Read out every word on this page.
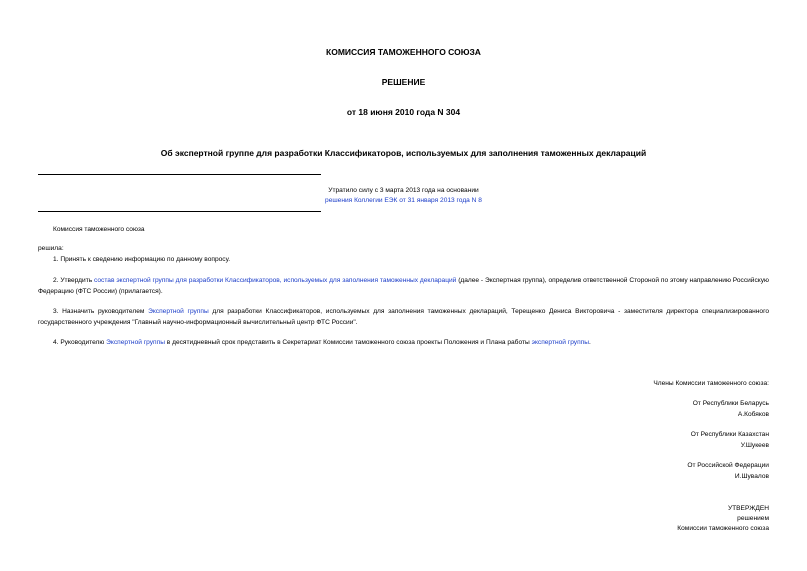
КОМИССИЯ ТАМОЖЕННОГО СОЮЗА
РЕШЕНИЕ
от 18 июня 2010 года N 304
Об экспертной группе для разработки Классификаторов, используемых для заполнения таможенных деклараций
Утратило силу с 3 марта 2013 года на основании
решения Коллегии ЕЭК от 31 января 2013 года N 8
Комиссия таможенного союза
решила:
1. Принять к сведению информацию по данному вопросу.
2. Утвердить состав экспертной группы для разработки Классификаторов, используемых для заполнения таможенных деклараций (далее - Экспертная группа), определив ответственной Стороной по этому направлению Российскую Федерацию (ФТС России) (прилагается).
3. Назначить руководителем Экспертной группы для разработки Классификаторов, используемых для заполнения таможенных деклараций, Терещенко Дениса Викторовича - заместителя директора специализированного государственного учреждения "Главный научно-информационный вычислительный центр ФТС России".
4. Руководителю Экспертной группы в десятидневный срок представить в Секретариат Комиссии таможенного союза проекты Положения и Плана работы экспертной группы.
Члены Комиссии таможенного союза:
От Республики Беларусь
А.Кобяков
От Республики Казахстан
У.Шукеев
От Российской Федерации
И.Шувалов
УТВЕРЖДЕН
решением
Комиссии таможенного союза
